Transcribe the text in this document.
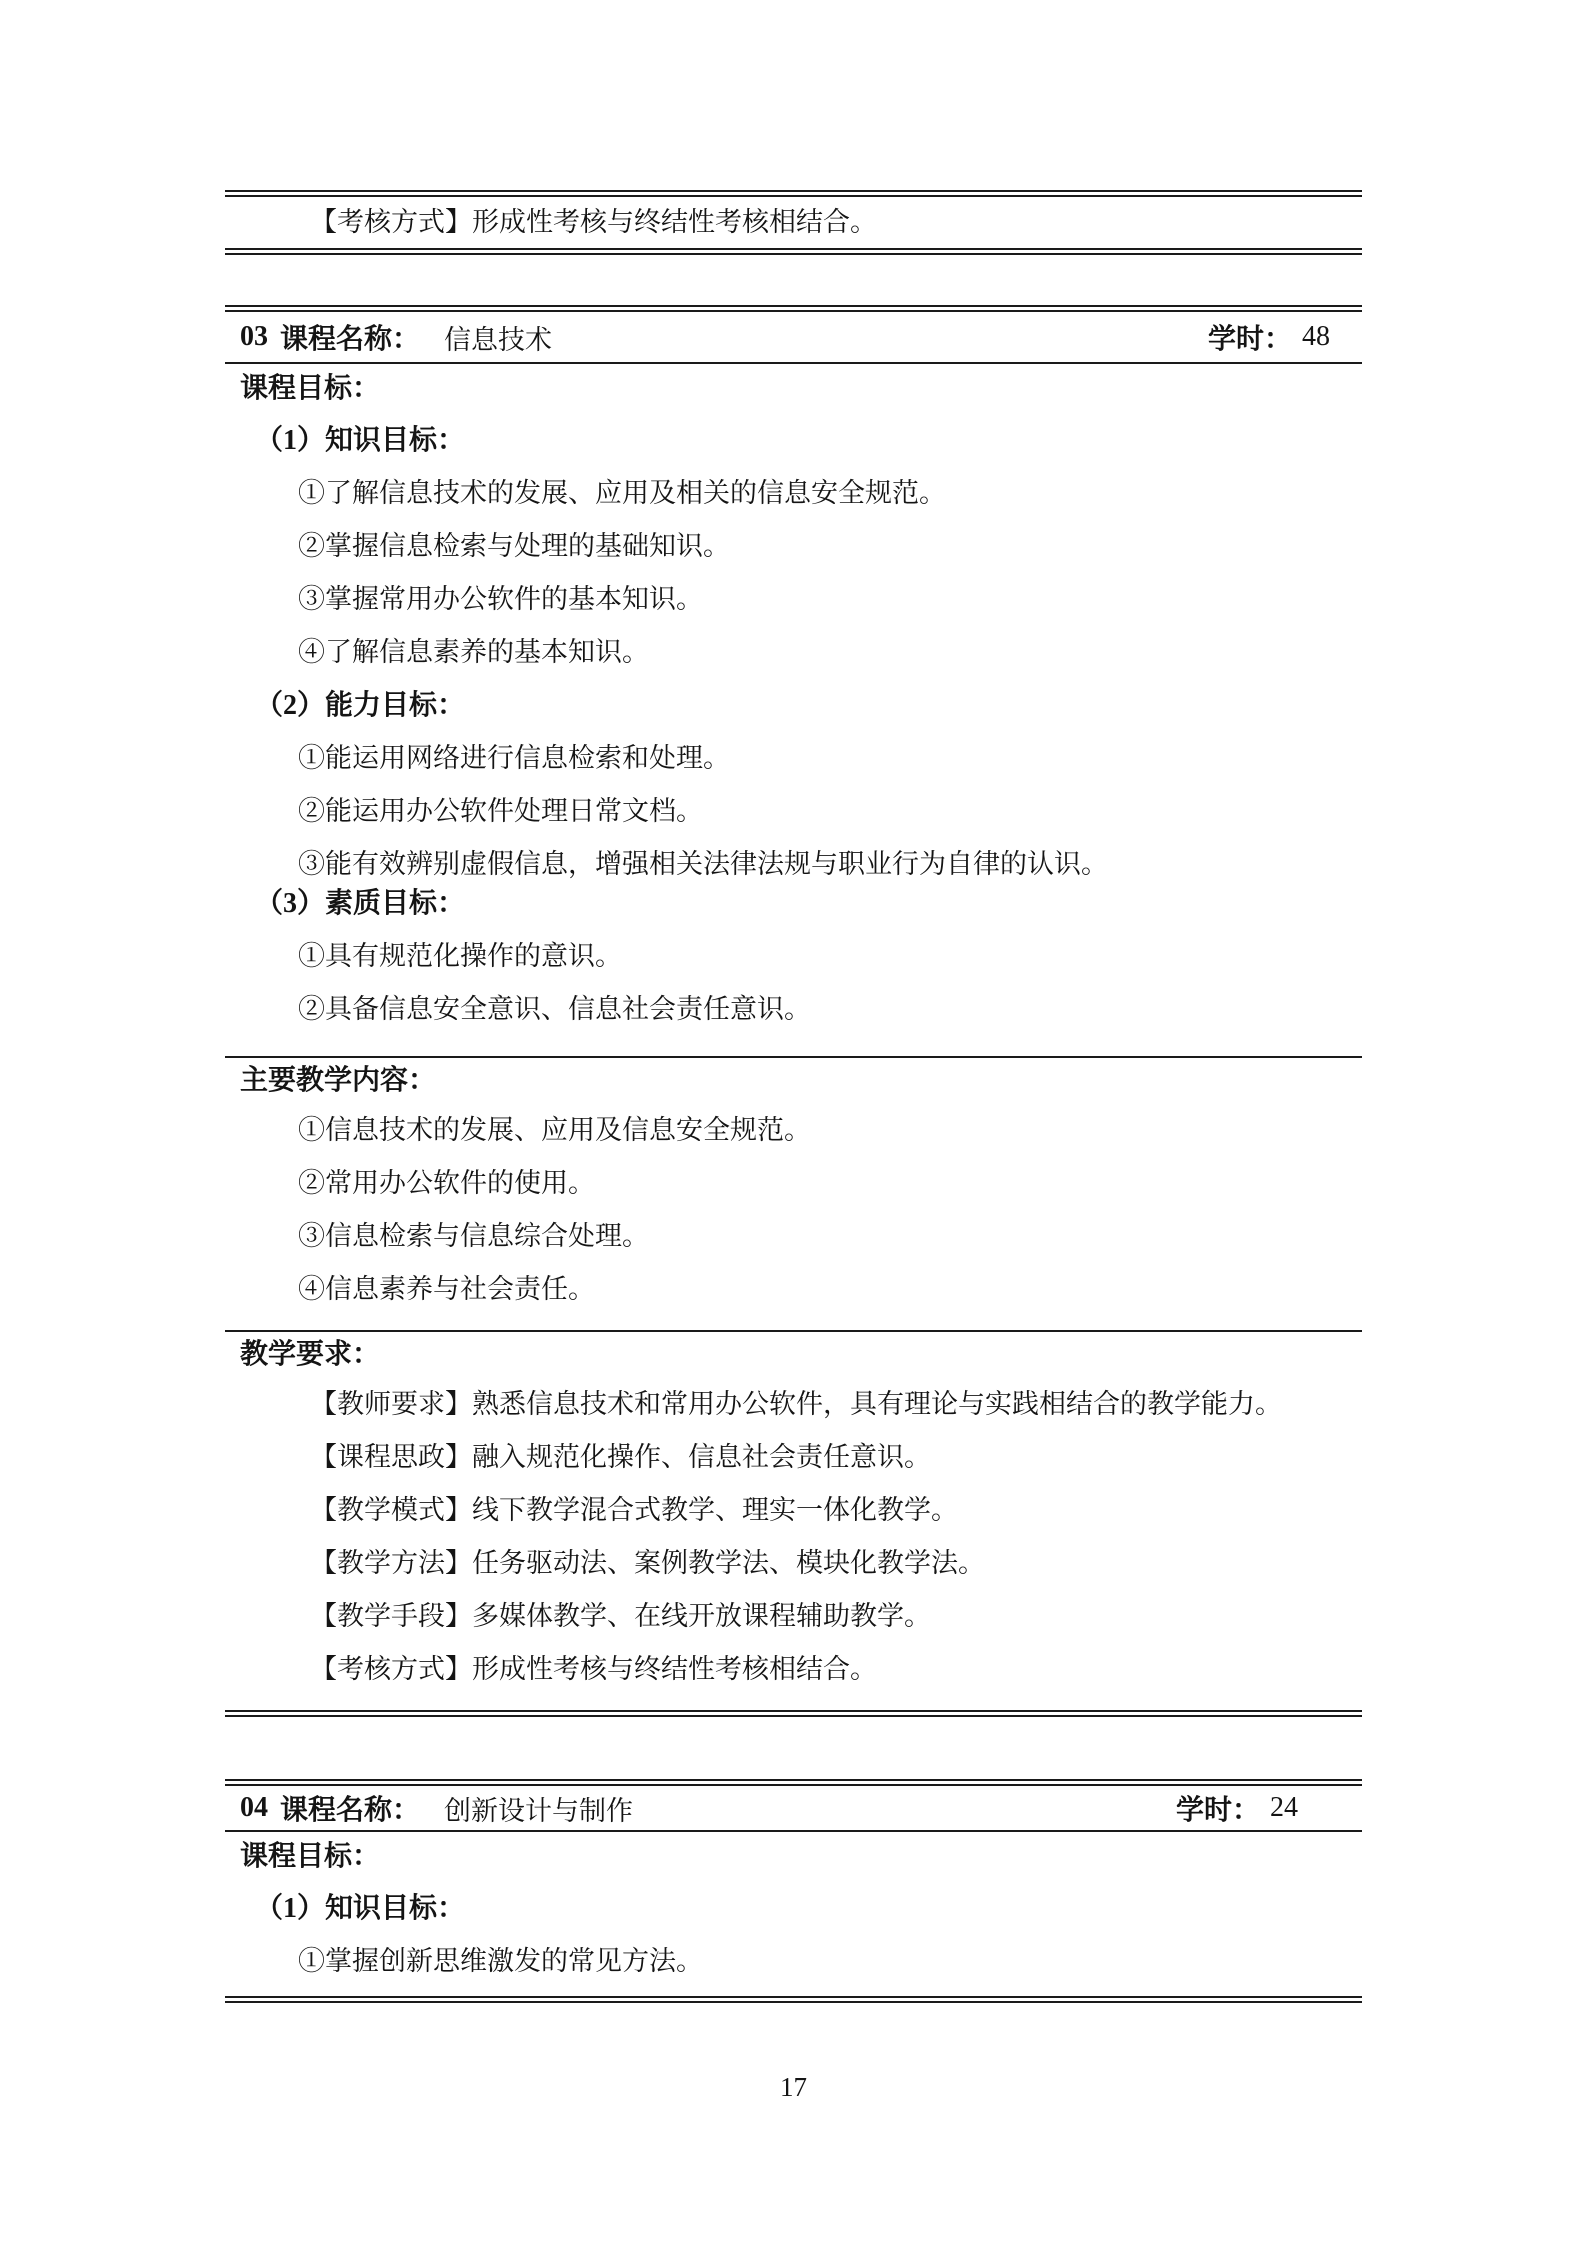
【考核方式】形成性考核与终结性考核相结合。

03 课程名称： 信息技术	学时： 48

课程目标：

（1）知识目标：

①了解信息技术的发展、应用及相关的信息安全规范。

②掌握信息检索与处理的基础知识。

③掌握常用办公软件的基本知识。

④了解信息素养的基本知识。

（2）能力目标：

①能运用网络进行信息检索和处理。

②能运用办公软件处理日常文档。

③能有效辨别虚假信息，增强相关法律法规与职业行为自律的认识。

（3）素质目标：

①具有规范化操作的意识。

②具备信息安全意识、信息社会责任意识。

主要教学内容：

①信息技术的发展、应用及信息安全规范。

②常用办公软件的使用。

③信息检索与信息综合处理。

④信息素养与社会责任。

教学要求：

【教师要求】熟悉信息技术和常用办公软件，具有理论与实践相结合的教学能力。

【课程思政】融入规范化操作、信息社会责任意识。

【教学模式】线下教学混合式教学、理实一体化教学。

【教学方法】任务驱动法、案例教学法、模块化教学法。

【教学手段】多媒体教学、在线开放课程辅助教学。

【考核方式】形成性考核与终结性考核相结合。

04 课程名称： 创新设计与制作	学时： 24

课程目标：

（1）知识目标：

①掌握创新思维激发的常见方法。

17
